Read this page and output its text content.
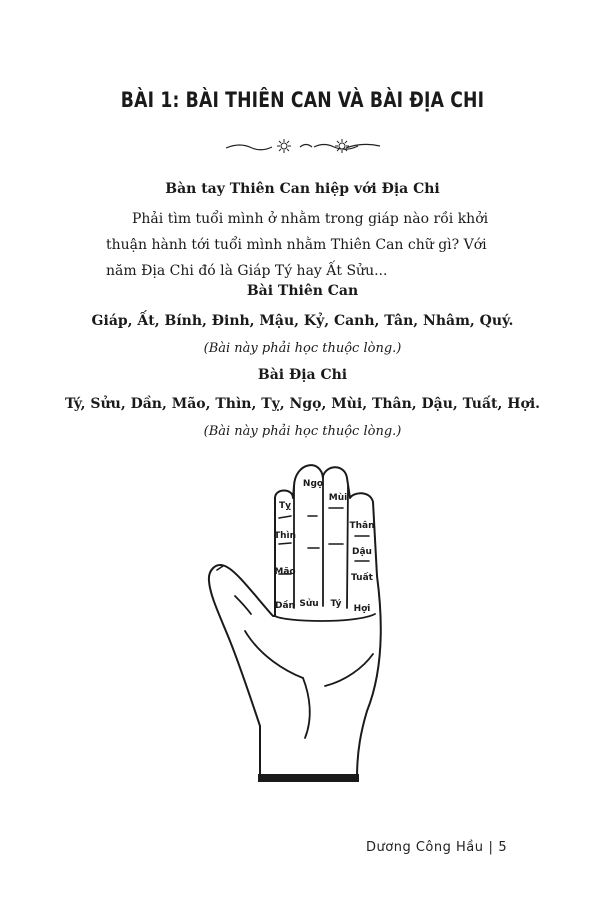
BÀI 1: BÀI THIÊN CAN VÀ BÀI ĐỊA CHI
Bàn tay Thiên Can hiệp với Địa Chi

Phải tìm tuổi mình ở nhằm trong giáp nào rồi khởi thuận hành tới tuổi mình nhằm Thiên Can chữ gì? Với năm Địa Chi đó là Giáp Tý hay Ất Sửu...

Bài Thiên Can

Giáp, Ất, Bính, Đinh, Mậu, Kỷ, Canh, Tân, Nhâm, Quý.

(Bài này phải học thuộc lòng.)

Bài Địa Chi

Tý, Sửu, Dần, Mão, Thìn, Tỵ, Ngọ, Mùi, Thân, Dậu, Tuất, Hợi.

(Bài này phải học thuộc lòng.)

Tỵ
Ngọ
Mùi
Thân
Thìn
Dậu
Mão
Tuất
Dần Sửu Tý Hợi
Dương Công Hầu | 5
